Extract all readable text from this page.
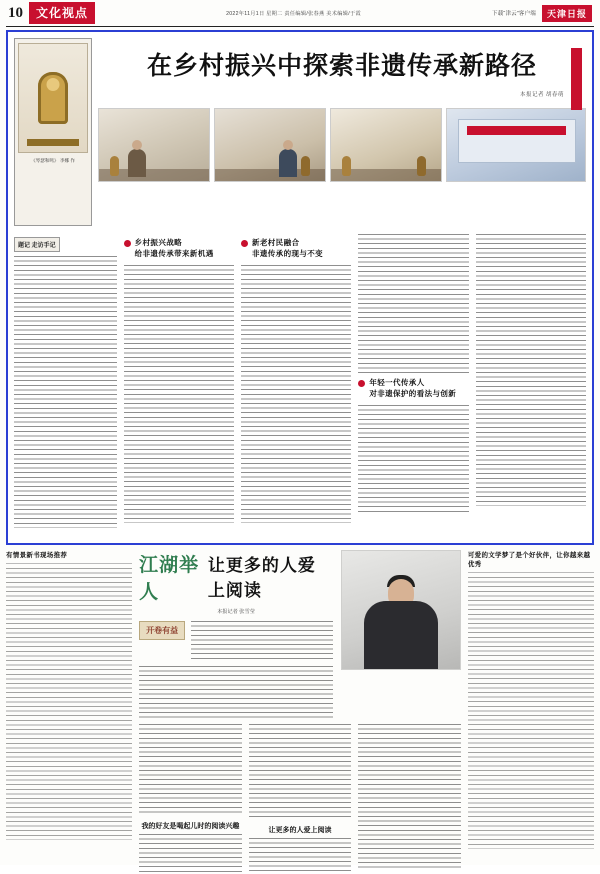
10	文化视点	2022年11月1日 星期二 责任编辑/张春燕 美术编辑/于霞	下载“津云”客户端	天津日报
《琴瑟和鸣》 李娜 作
在乡村振兴中探索非遗传承新路径
本报记者 胡春萌
题记 走访手记	乡村振兴战略
给非遗传承带来新机遇
新老村民融合
非遗传承的现与不变
年轻一代传承人
对非遗保护的看法与创新
有情景新书现场推荐	江湖举人
让更多的人爱上阅读
本报记者 张雪莹
开卷有益
我的好友是喝起儿时的阅读兴趣
让更多的人爱上阅读
可爱的文学梦了是个好伙伴，让你越来越优秀
